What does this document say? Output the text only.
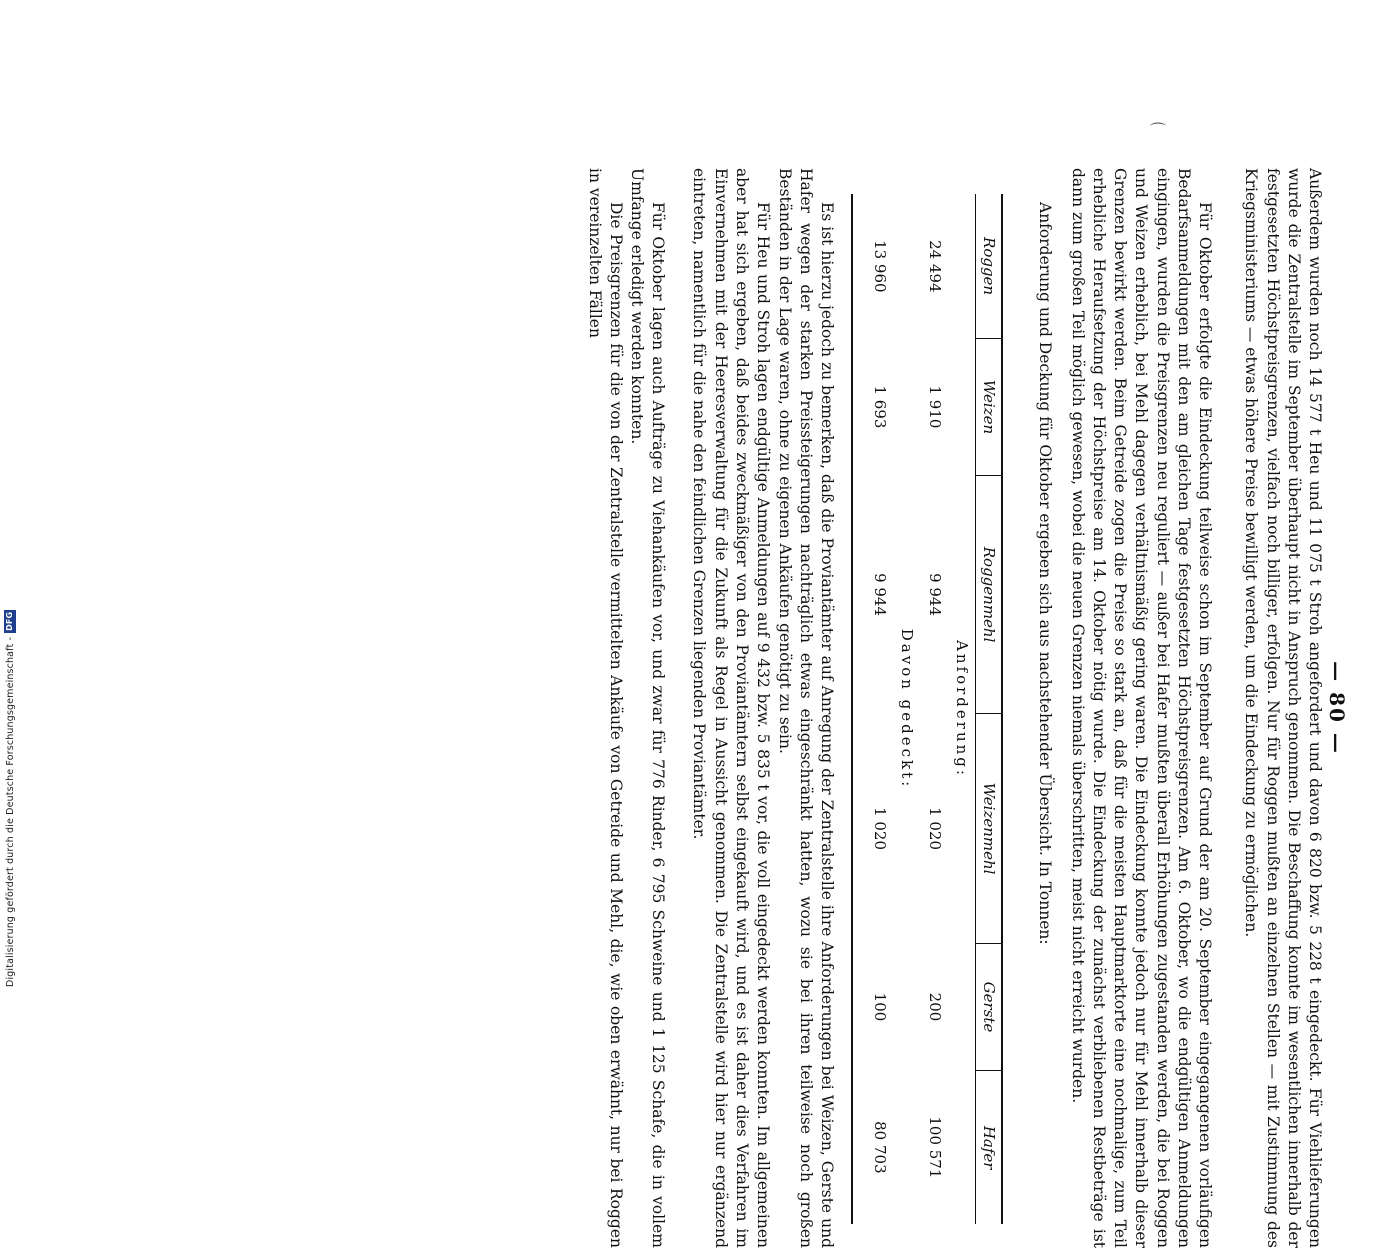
Digitalisierung gefördert durch die Deutsche Forschungsgemeinschaft -
DFG
— 80 —

Außerdem wurden noch 14 577 t Heu und 11 075 t Stroh angefordert und davon 6 820 bzw. 5 228 t eingedeckt. Für Viehlieferungen wurde die Zentralstelle im September überhaupt nicht in Anspruch genommen. Die Beschaffung konnte im wesentlichen innerhalb der festgesetzten Höchstpreisgrenzen, vielfach noch billiger, erfolgen. Nur für Roggen mußten an einzelnen Stellen — mit Zustimmung des Kriegsministeriums — etwas höhere Preise bewilligt werden, um die Eindeckung zu ermöglichen.

Für Oktober erfolgte die Eindeckung teilweise schon im September auf Grund der am 20. September eingegangenen vorläufigen Bedarfsanmeldungen mit den am gleichen Tage festgesetzten Höchstpreisgrenzen. Am 6. Oktober, wo die endgültigen Anmeldungen eingingen, wurden die Preisgrenzen neu reguliert — außer bei Hafer mußten überall Erhöhungen zugestanden werden, die bei Roggen und Weizen erheblich, bei Mehl dagegen verhältnismäßig gering waren. Die Eindeckung konnte jedoch nur für Mehl innerhalb dieser Grenzen bewirkt werden. Beim Getreide zogen die Preise so stark an, daß für die meisten Hauptmarktorte eine nochmalige, zum Teil erhebliche Heraufsetzung der Höchstpreise am 14. Oktober nötig wurde. Die Eindeckung der zunächst verbliebenen Restbeträge ist dann zum großen Teil möglich gewesen, wobei die neuen Grenzen niemals überschritten, meist nicht erreicht wurden.

Anforderung und Deckung für Oktober ergeben sich aus nachstehender Übersicht. In Tonnen:

Roggen	Weizen	Roggenmehl	Weizenmehl	Gerste	Hafer
Anforderung:					
24 494	1 910	9 944	1 020	200	100 571
Davon gedeckt:					
13 960	1 693	9 944	1 020	100	80 703

Es ist hierzu jedoch zu bemerken, daß die Proviantämter auf Anregung der Zentralstelle ihre Anforderungen bei Weizen, Gerste und Hafer wegen der starken Preissteigerungen nachträglich etwas eingeschränkt hatten, wozu sie bei ihren teilweise noch großen Beständen in der Lage waren, ohne zu eigenen Ankäufen genötigt zu sein.

Für Heu und Stroh lagen endgültige Anmeldungen auf 9 432 bzw. 5 835 t vor, die voll eingedeckt werden konnten. Im allgemeinen aber hat sich ergeben, daß beides zweckmäßiger von den Proviantämtern selbst eingekauft wird, und es ist daher dies Verfahren im Einvernehmen mit der Heeresverwaltung für die Zukunft als Regel in Aussicht genommen. Die Zentralstelle wird hier nur ergänzend eintreten, namentlich für die nahe den feindlichen Grenzen liegenden Proviantämter.

Für Oktober lagen auch Aufträge zu Viehankäufen vor, und zwar für 776 Rinder, 6 795 Schweine und 1 125 Schafe, die in vollem Umfange erledigt werden konnten.

Die Preisgrenzen für die von der Zentralstelle vermittelten Ankäufe von Getreide und Mehl, die, wie oben erwähnt, nur bei Roggen in vereinzelten Fällen

⌒
